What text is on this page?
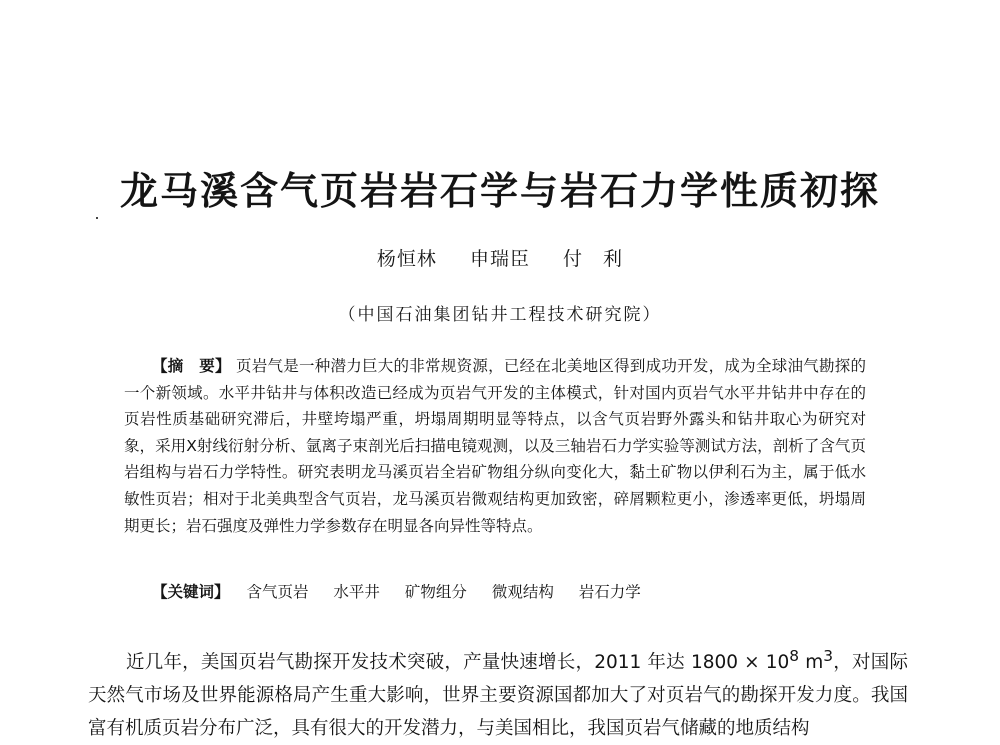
龙马溪含气页岩岩石学与岩石力学性质初探
杨恒林 申瑞臣 付　利
（中国石油集团钻井工程技术研究院）
【摘　要】 页岩气是一种潜力巨大的非常规资源，已经在北美地区得到成功开发，成为全球油气勘探的一个新领域。水平井钻井与体积改造已经成为页岩气开发的主体模式，针对国内页岩气水平井钻井中存在的页岩性质基础研究滞后，井壁垮塌严重，坍塌周期明显等特点，以含气页岩野外露头和钻井取心为研究对象，采用X射线衍射分析、氩离子束剖光后扫描电镜观测，以及三轴岩石力学实验等测试方法，剖析了含气页岩组构与岩石力学特性。研究表明龙马溪页岩全岩矿物组分纵向变化大，黏土矿物以伊利石为主，属于低水敏性页岩；相对于北美典型含气页岩，龙马溪页岩微观结构更加致密，碎屑颗粒更小，渗透率更低，坍塌周期更长；岩石强度及弹性力学参数存在明显各向异性等特点。
【关键词】 含气页岩 水平井 矿物组分 微观结构 岩石力学
近几年，美国页岩气勘探开发技术突破，产量快速增长，2011 年达 $1800 \times 10^8$ $m^3$，对国际天然气市场及世界能源格局产生重大影响，世界主要资源国都加大了对页岩气的勘探开发力度。我国富有机质页岩分布广泛，具有很大的开发潜力，与美国相比，我国页岩气储藏的地质结构
